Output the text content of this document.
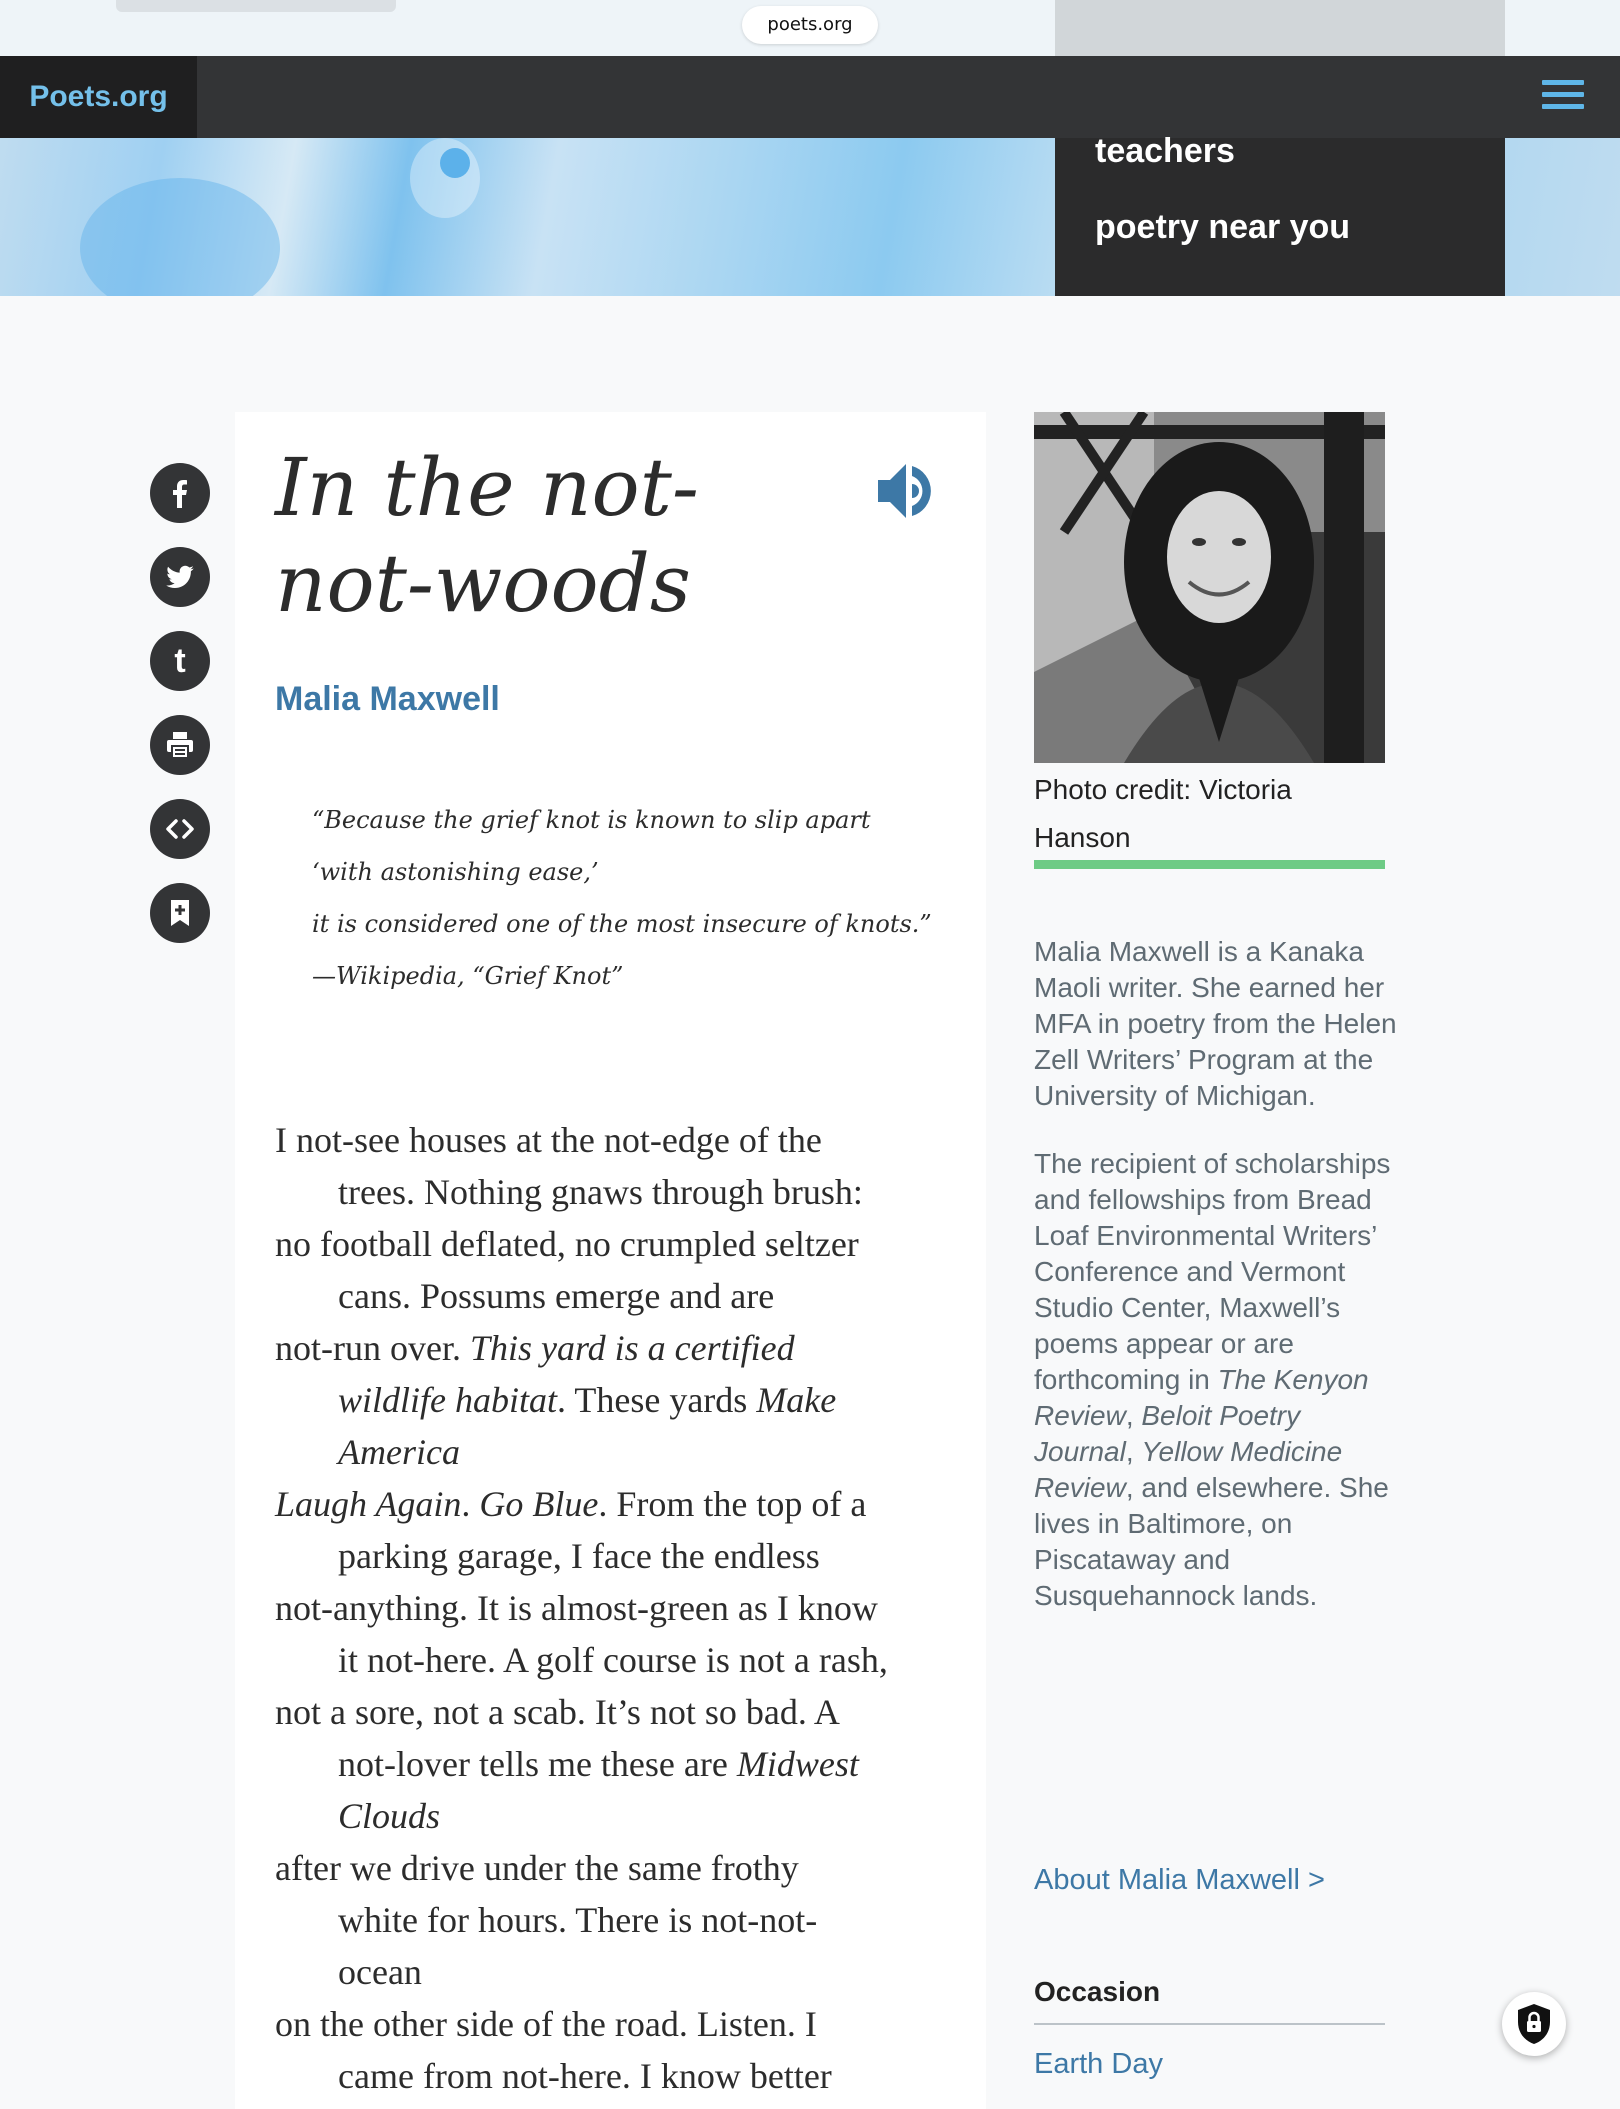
poets.org
Poets.org
teachers
poetry near you
t
In the not-not-woods
Malia Maxwell
“Because the grief knot is known to slip apart
‘with astonishing ease,’
it is considered one of the most insecure of knots.”
—Wikipedia, “Grief Knot”
I not-see houses at the not-edge of the
trees. Nothing gnaws through brush:
no football deflated, no crumpled seltzer
cans. Possums emerge and are
not-run over. This yard is a certified
wildlife habitat. These yards Make
America
Laugh Again. Go Blue. From the top of a
parking garage, I face the endless
not-anything. It is almost-green as I know
it not-here. A golf course is not a rash,
not a sore, not a scab. It’s not so bad. A
not-lover tells me these are Midwest
Clouds
after we drive under the same frothy
white for hours. There is not-not-
ocean
on the other side of the road. Listen. I
came from not-here. I know better
Photo credit: Victoria Hanson

Malia Maxwell is a Kanaka Maoli writer. She earned her MFA in poetry from the Helen Zell Writers’ Program at the University of Michigan.

The recipient of scholarships and fellowships from Bread Loaf Environmental Writers’ Conference and Vermont Studio Center, Maxwell’s poems appear or are forthcoming in The Kenyon Review, Beloit Poetry Journal, Yellow Medicine Review, and elsewhere. She lives in Baltimore, on Piscataway and Susquehannock lands.

About Malia Maxwell >
Occasion
Earth Day
